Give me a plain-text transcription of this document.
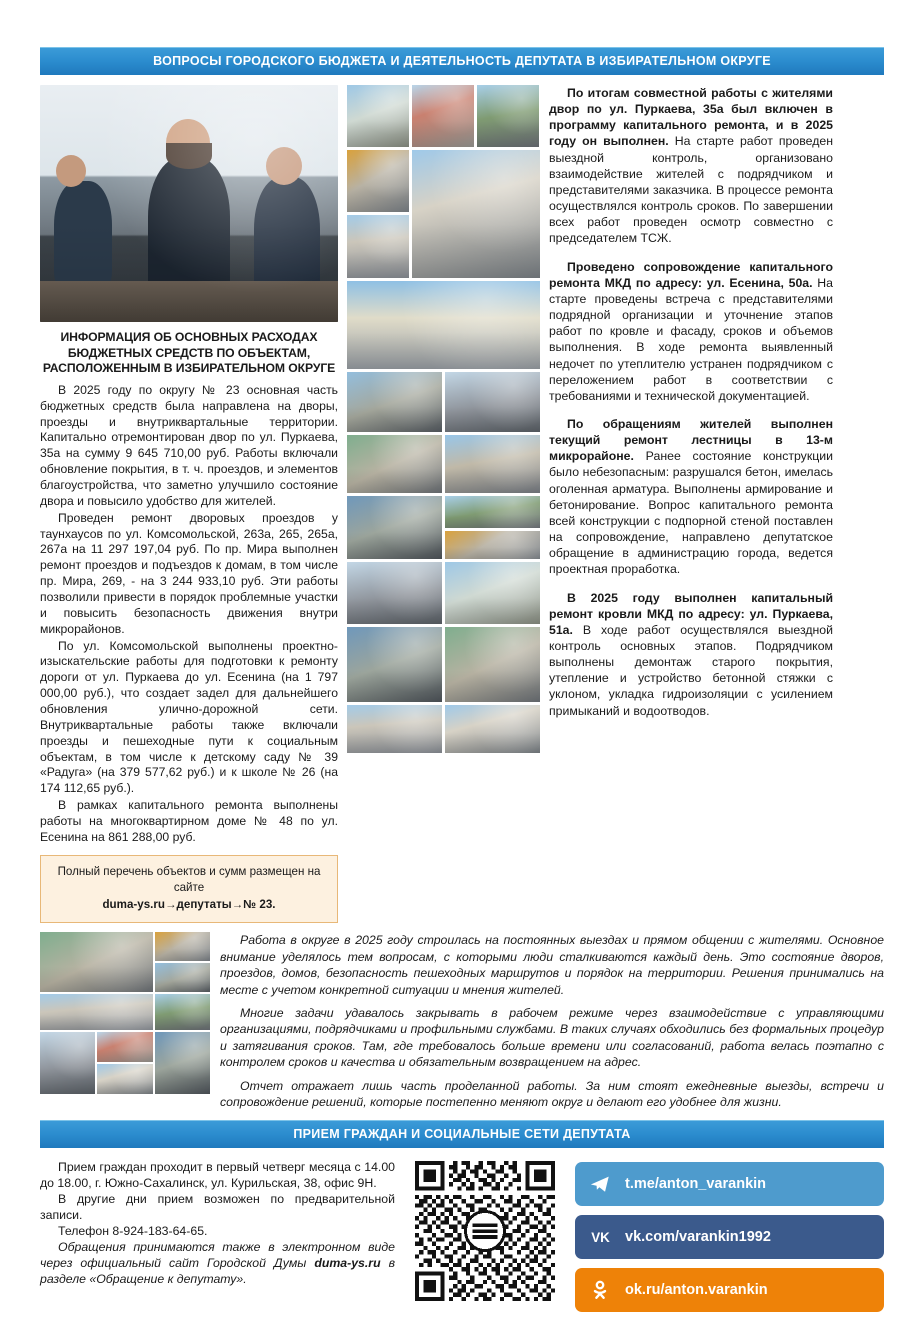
ВОПРОСЫ ГОРОДСКОГО БЮДЖЕТА И ДЕЯТЕЛЬНОСТЬ ДЕПУТАТА В ИЗБИРАТЕЛЬНОМ ОКРУГЕ
ИНФОРМАЦИЯ ОБ ОСНОВНЫХ РАСХОДАХ БЮДЖЕТНЫХ СРЕДСТВ ПО ОБЪЕКТАМ, РАСПОЛОЖЕННЫМ В ИЗБИРАТЕЛЬНОМ ОКРУГЕ

В 2025 году по округу № 23 основная часть бюджетных средств была направлена на дворы, проезды и внутриквартальные территории. Капитально отремонтирован двор по ул. Пуркаева, 35а на сумму 9 645 710,00 руб. Работы включали обновление покрытия, в т. ч. проездов, и элементов благоустройства, что заметно улучшило состояние двора и повысило удобство для жителей.

Проведен ремонт дворовых проездов у таунхаусов по ул. Комсомольской, 263а, 265, 265а, 267а на 11 297 197,04 руб. По пр. Мира выполнен ремонт проездов и подъездов к домам, в том числе пр. Мира, 269, - на 3 244 933,10 руб. Эти работы позволили привести в порядок проблемные участки и повысить безопасность движения внутри микрорайонов.

По ул. Комсомольской выполнены проектно-изыскательские работы для подготовки к ремонту дороги от ул. Пуркаева до ул. Есенина (на 1 797 000,00 руб.), что создает задел для дальнейшего обновления улично-дорожной сети. Внутриквартальные работы также включали проезды и пешеходные пути к социальным объектам, в том числе к детскому саду № 39 «Радуга» (на 379 577,62 руб.) и к школе № 26 (на 174 112,65 руб.).

В рамках капитального ремонта выполнены работы на многоквартирном доме № 48 по ул. Есенина на 861 288,00 руб.

Полный перечень объектов и сумм размещен на сайте
duma-ys.ru→депутаты→№ 23.

По итогам совместной работы с жителями двор по ул. Пуркаева, 35а был включен в программу капитального ремонта, и в 2025 году он выполнен. На старте работ проведен выездной контроль, организовано взаимодействие жителей с подрядчиком и представителями заказчика. В процессе ремонта осуществлялся контроль сроков. По завершении всех работ проведен осмотр совместно с председателем ТСЖ.

Проведено сопровождение капитального ремонта МКД по адресу: ул. Есенина, 50а. На старте проведены встреча с представителями подрядной организации и уточнение этапов работ по кровле и фасаду, сроков и объемов выполнения. В ходе ремонта выявленный недочет по утеплителю устранен подрядчиком с переложением работ в соответствии с требованиями и технической документацией.

По обращениям жителей выполнен текущий ремонт лестницы в 13-м микрорайоне. Ранее состояние конструкции было небезопасным: разрушался бетон, имелась оголенная арматура. Выполнены армирование и бетонирование. Вопрос капитального ремонта всей конструкции с подпорной стеной поставлен на сопровождение, направлено депутатское обращение в администрацию города, ведется проектная проработка.

В 2025 году выполнен капитальный ремонт кровли МКД по адресу: ул. Пуркаева, 51а. В ходе работ осуществлялся выездной контроль основных этапов. Подрядчиком выполнены демонтаж старого покрытия, утепление и устройство бетонной стяжки с уклоном, укладка гидроизоляции с усилением примыканий и водоотводов.

Работа в округе в 2025 году строилась на постоянных выездах и прямом общении с жителями. Основное внимание уделялось тем вопросам, с которыми люди сталкиваются каждый день. Это состояние дворов, проездов, домов, безопасность пешеходных маршрутов и порядок на территории. Решения принимались на месте с учетом конкретной ситуации и мнения жителей.

Многие задачи удавалось закрывать в рабочем режиме через взаимодействие с управляющими организациями, подрядчиками и профильными службами. В таких случаях обходились без формальных процедур и затягивания сроков. Там, где требовалось больше времени или согласований, работа велась поэтапно с контролем сроков и качества и обязательным возвращением на адрес.

Отчет отражает лишь часть проделанной работы. За ним стоят ежедневные выезды, встречи и сопровождение решений, которые постепенно меняют округ и делают его удобнее для жизни.

ПРИЕМ ГРАЖДАН И СОЦИАЛЬНЫЕ СЕТИ ДЕПУТАТА

Прием граждан проходит в первый четверг месяца с 14.00 до 18.00, г. Южно-Сахалинск, ул. Курильская, 38, офис 9Н.

В другие дни прием возможен по предварительной записи.

Телефон 8-924-183-64-65.

Обращения принимаются также в электронном виде через официальный сайт Городской Думы duma-ys.ru в разделе «Обращение к депутату».

t.me/anton_varankin
VK vk.com/varankin1992
ok.ru/anton.varankin
